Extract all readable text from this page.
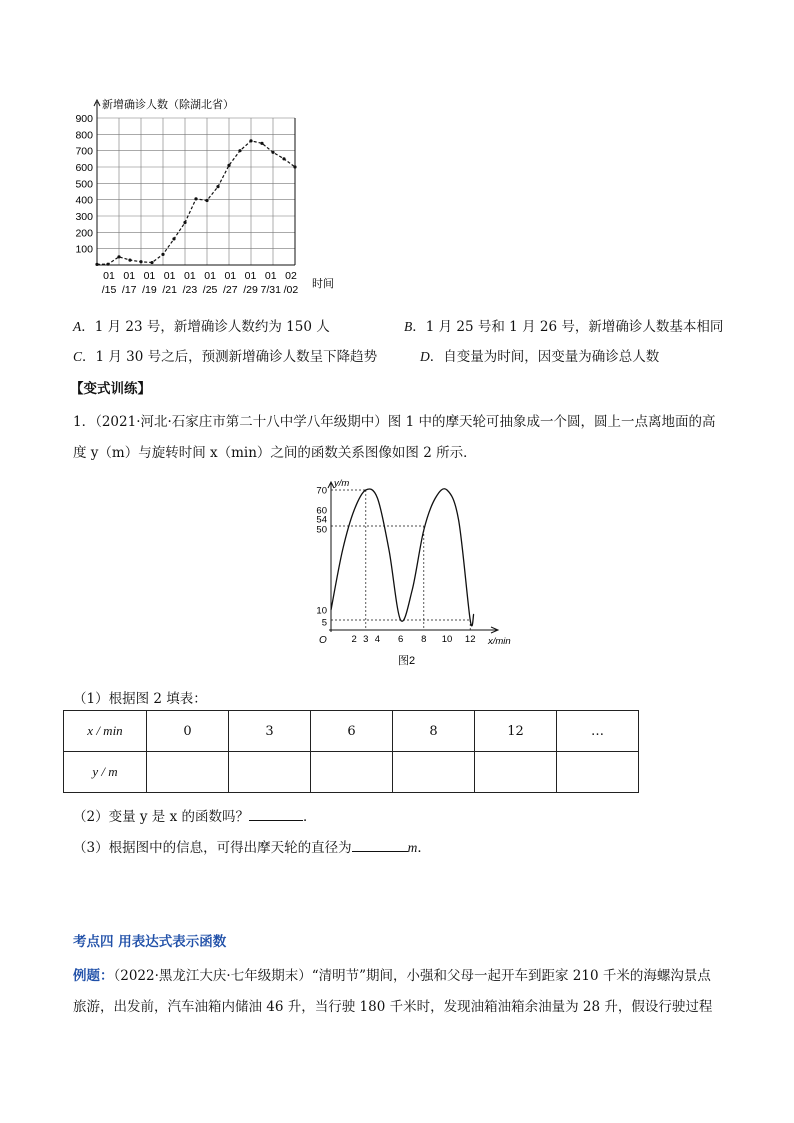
100
200
300
400
500
600
700
800
900
01
/15
01
/17
01
/19
01
/21
01
/23
01
/25
01
/27
01
/29
01
7/31
02
/02
新增确诊人数（除湖北省）
时间
A．1 月 23 号，新增确诊人数约为 150 人	B．1 月 25 号和 1 月 26 号，新增确诊人数基本相同
C．1 月 30 号之后，预测新增确诊人数呈下降趋势	D．自变量为时间，因变量为确诊总人数
【变式训练】
1．（2021·河北·石家庄市第二十八中学八年级期中）图 1 中的摩天轮可抽象成一个圆，圆上一点离地面的高
度 y（m）与旋转时间 x（min）之间的函数关系图像如图 2 所示．
70
60
54
50
10
5
2 3 4 6 8 10 12
y/m
x/min
O
图2
（1）根据图 2 填表：
x / min	0	3	6	8	12	…
y / m						
（2）变量 y 是 x 的函数吗？	．
（3）根据图中的信息，可得出摩天轮的直径为	m．
考点四 用表达式表示函数
例题：（2022·黑龙江大庆·七年级期末）“清明节”期间，小强和父母一起开车到距家 210 千米的海螺沟景点
旅游，出发前，汽车油箱内储油 46 升，当行驶 180 千米时，发现油箱油箱余油量为 28 升，假设行驶过程
